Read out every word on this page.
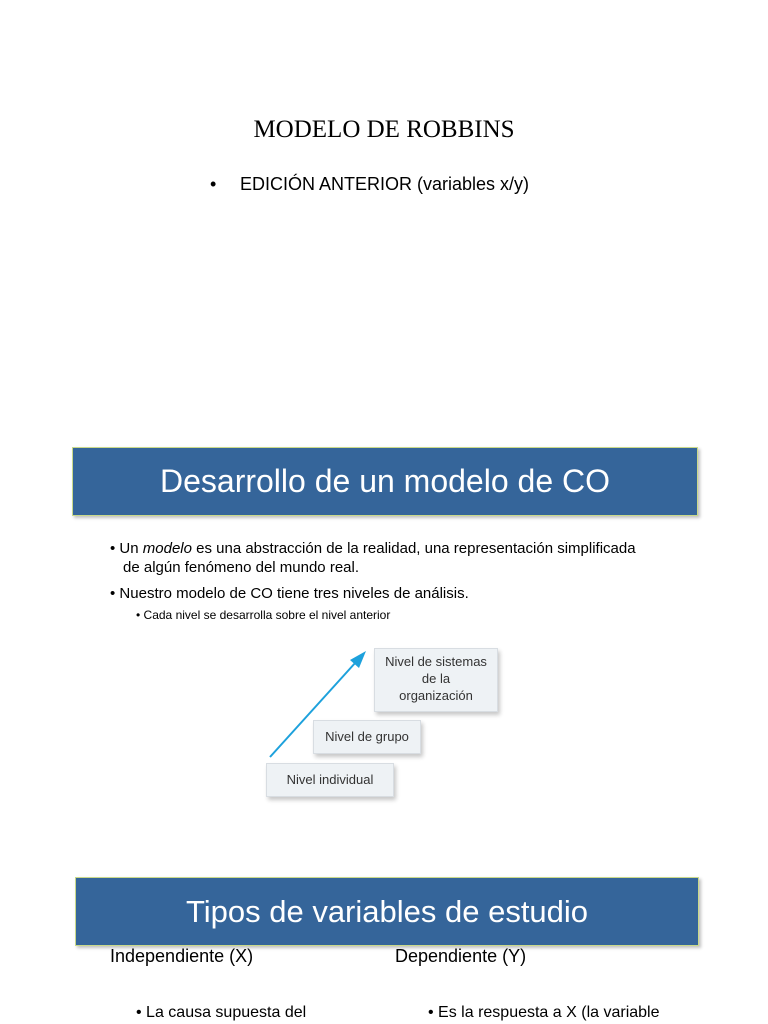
MODELO DE ROBBINS
• EDICIÓN ANTERIOR (variables x/y)
Desarrollo de un modelo de CO
• Un modelo es una abstracción de la realidad, una representación simplificada de algún fenómeno del mundo real.
• Nuestro modelo de CO tiene tres niveles de análisis.
• Cada nivel se desarrolla sobre el nivel anterior
Nivel de sistemas
de la
organización
Nivel de grupo
Nivel individual
Tipos de variables de estudio
Independiente (X)	Dependiente (Y)
• La causa supuesta del	• Es la respuesta a X (la variable
